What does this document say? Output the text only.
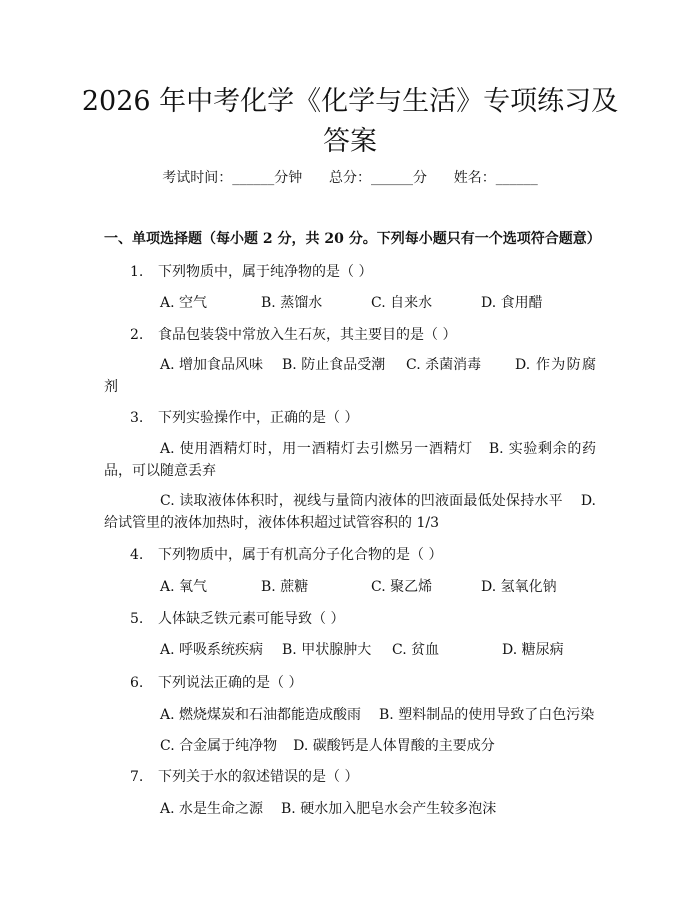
2026 年中考化学《化学与生活》专项练习及
答案
考试时间：______分钟      总分：______分      姓名：______
一、单项选择题（每小题 2 分，共 20 分。下列每小题只有一个选项符合题意）
1. 下列物质中，属于纯净物的是（ ）
A. 空气	B. 蒸馏水	C. 自来水	D. 食用醋
2. 食品包装袋中常放入生石灰，其主要目的是（ ）
A. 增加食品风味 B. 防止食品受潮 C. 杀菌消毒 D. 作为防腐剂
3. 下列实验操作中，正确的是（ ）
A. 使用酒精灯时，用一酒精灯去引燃另一酒精灯 B. 实验剩余的药品，可以随意丢弃
C. 读取液体体积时，视线与量筒内液体的凹液面最低处保持水平 D. 给试管里的液体加热时，液体体积超过试管容积的 1/3
4. 下列物质中，属于有机高分子化合物的是（ ）
A. 氧气	B. 蔗糖	C. 聚乙烯	D. 氢氧化钠
5. 人体缺乏铁元素可能导致（ ）
A. 呼吸系统疾病 B. 甲状腺肿大 C. 贫血	D. 糖尿病
6. 下列说法正确的是（ ）
A. 燃烧煤炭和石油都能造成酸雨 B. 塑料制品的使用导致了白色污染
C. 合金属于纯净物 D. 碳酸钙是人体胃酸的主要成分
7. 下列关于水的叙述错误的是（ ）
A. 水是生命之源 B. 硬水加入肥皂水会产生较多泡沫
